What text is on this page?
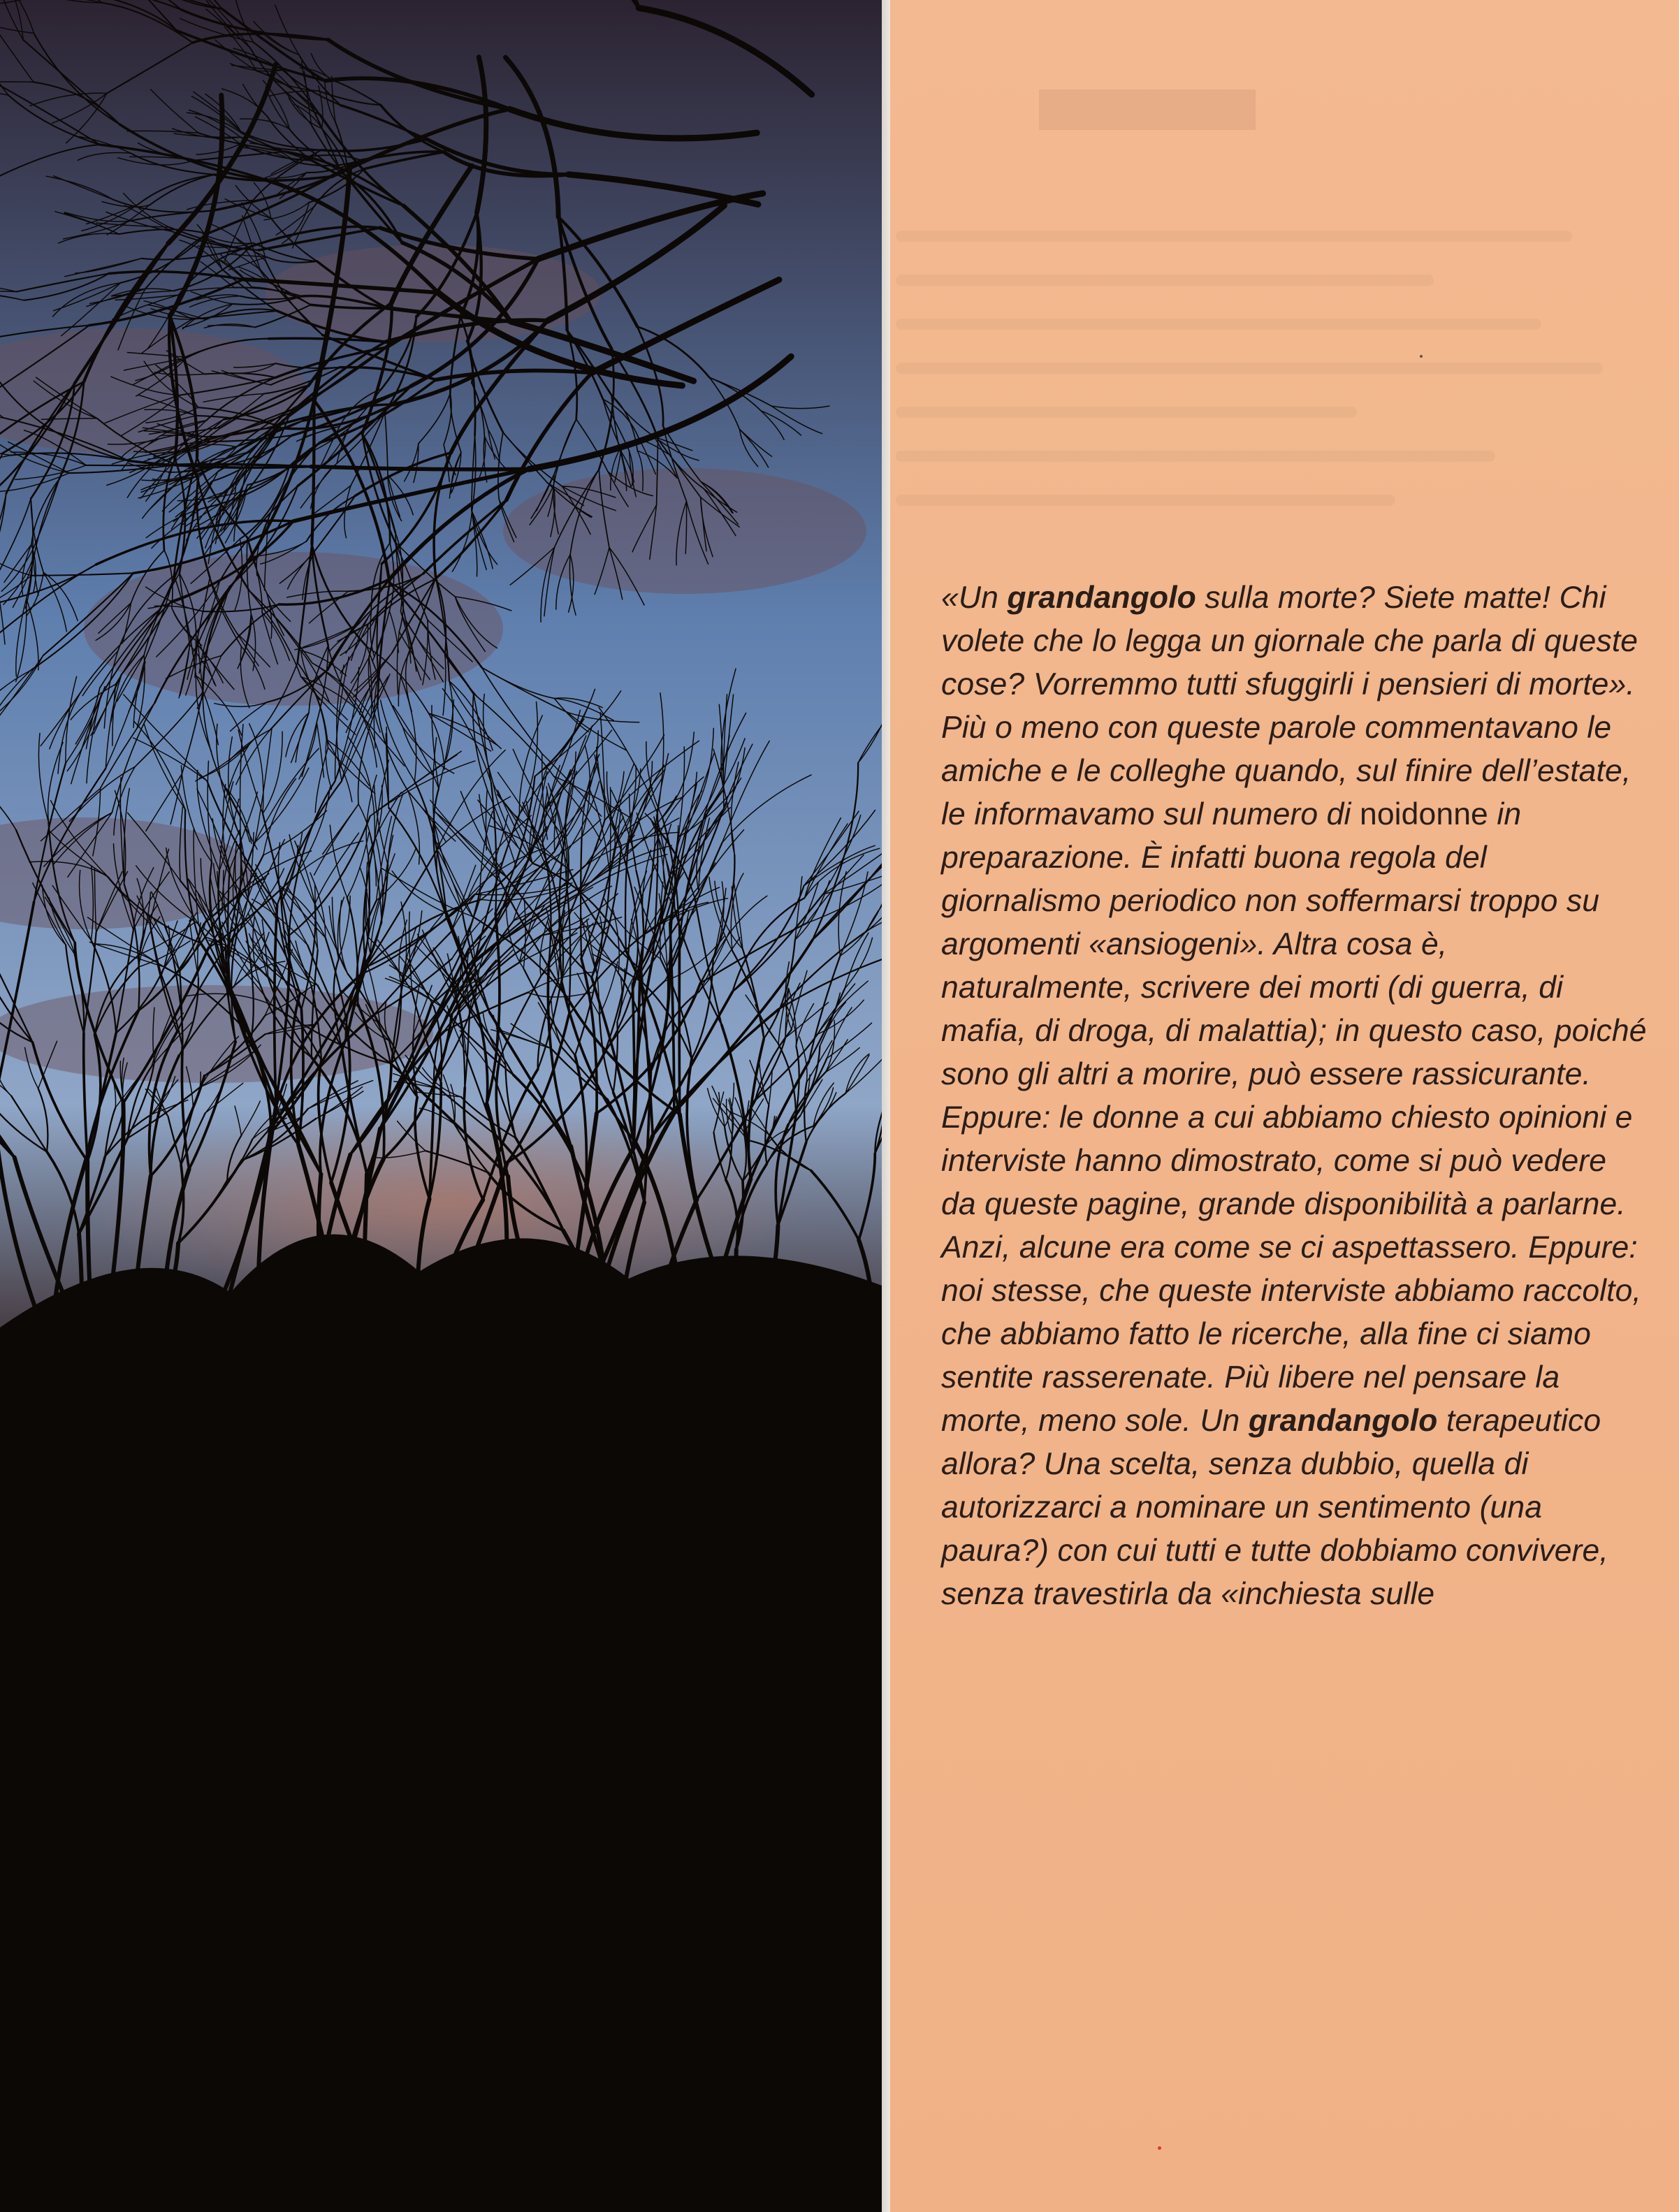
«Un grandangolo sulla morte? Siete matte! Chi volete che lo legga un giornale che parla di queste cose? Vorremmo tutti sfuggirli i pensieri di morte». Più o meno con queste parole commentavano le amiche e le colleghe quando, sul finire dell’estate, le informavamo sul numero di noidonne in preparazione. È infatti buona regola del giornalismo periodico non soffermarsi troppo su argomenti «ansiogeni». Altra cosa è, naturalmente, scrivere dei morti (di guerra, di mafia, di droga, di malattia); in questo caso, poiché sono gli altri a morire, può essere rassicurante. Eppure: le donne a cui abbiamo chiesto opinioni e interviste hanno dimostrato, come si può vedere da queste pagine, grande disponibilità a parlarne. Anzi, alcune era come se ci aspettassero. Eppure: noi stesse, che queste interviste abbiamo raccolto, che abbiamo fatto le ricerche, alla fine ci siamo sentite rasserenate. Più libere nel pensare la morte, meno sole. Un grandangolo terapeutico allora? Una scelta, senza dubbio, quella di autorizzarci a nominare un sentimento (una paura?) con cui tutti e tutte dobbiamo convivere, senza travestirla da «inchiesta sulle
